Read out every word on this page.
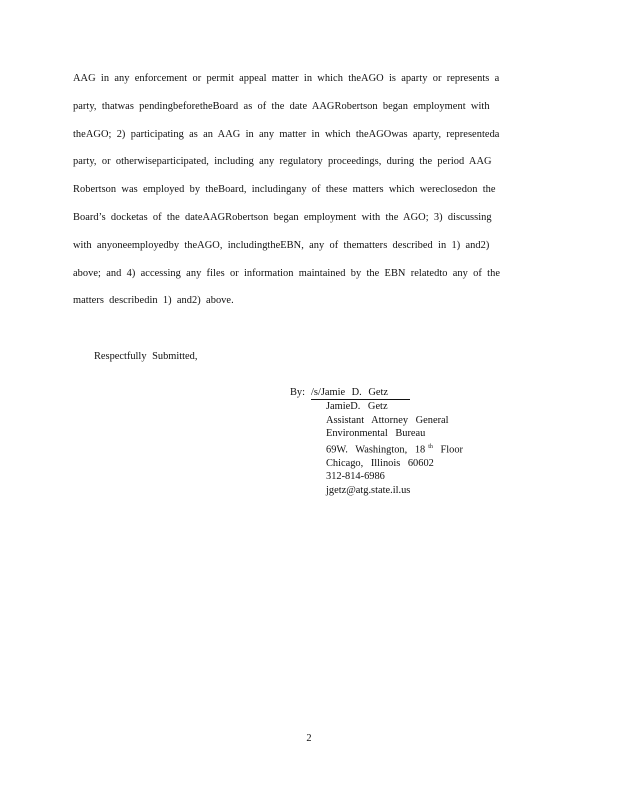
AAG in any enforcement or permit appeal matter in which theAGO is aparty or represents a
party, thatwas pendingbeforetheBoard as of the date AAGRobertson began employment with
theAGO; 2) participating as an AAG in any matter in which theAGOwas aparty, representeda
party, or otherwiseparticipated, including any regulatory proceedings, during the period AAG
Robertson was employed by theBoard, includingany of these matters which wereclosedon the
Board’s docketas of the dateAAGRobertson began employment with the AGO; 3) discussing
with anyoneemployedby theAGO, includingtheEBN, any of thematters described in 1) and2)
above; and 4) accessing any files or information maintained by the EBN relatedto any of the
matters describedin 1) and2) above.
Respectfully Submitted,
By: /s/Jamie D. Getz
JamieD. Getz
Assistant Attorney General
Environmental Bureau
69W. Washington, 18 $^{th}$ Floor
Chicago, Illinois 60602
312-814-6986
jgetz@atg.state.il.us
2
